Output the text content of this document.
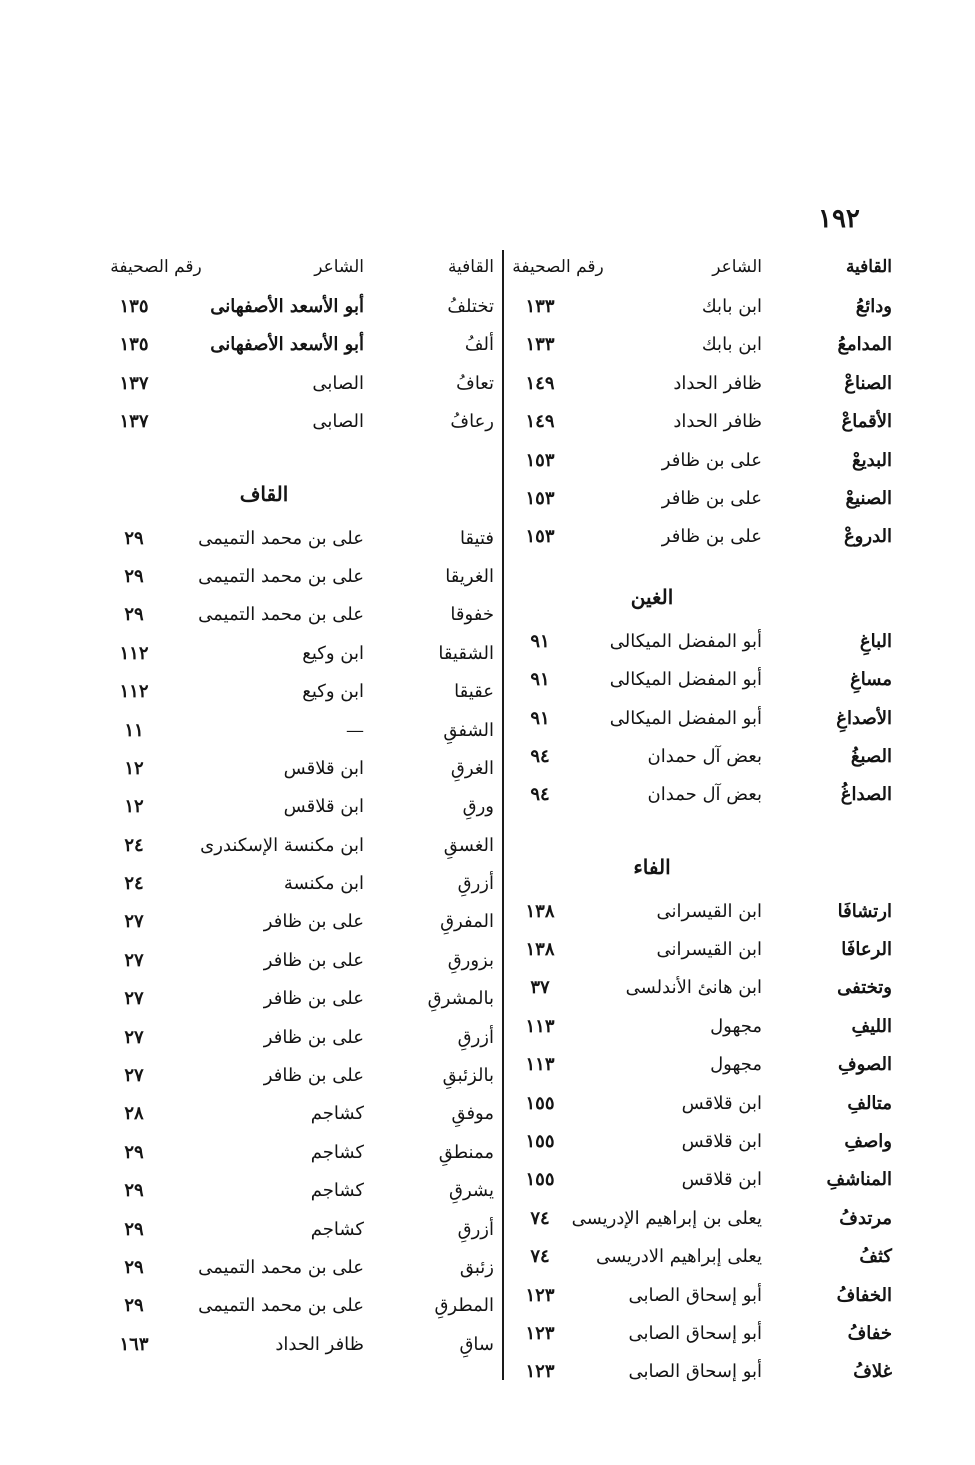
١٩٢
القافية
الشاعر
رقم الصحيفة
ودائعُ
ابن بابك
١٣٣
المدامعُ
ابن بابك
١٣٣
الصناعْ
ظافر الحداد
١٤٩
الأقماعْ
ظافر الحداد
١٤٩
البديعْ
على بن ظافر
١٥٣
الصنيعْ
على بن ظافر
١٥٣
الدروعْ
على بن ظافر
١٥٣
الغين
الباغِ
أبو المفضل الميكالى
٩١
مساغِ
أبو المفضل الميكالى
٩١
الأصداغِ
أبو المفضل الميكالى
٩١
الصبغُ
بعض آل حمدان
٩٤
الصداغُ
بعض آل حمدان
٩٤
الفاء
ارتشافَا
ابن القيسرانى
١٣٨
الرعافَا
ابن القيسرانى
١٣٨
وتختفى
ابن هانئ الأندلسى
٣٧
الليفِ
مجهول
١١٣
الصوفِ
مجهول
١١٣
متالفِ
ابن قلاقس
١٥٥
واصفِ
ابن قلاقس
١٥٥
المناشفِ
ابن قلاقس
١٥٥
مرتدفُ
يعلى بن إبراهيم الإدريسى
٧٤
كثفُ
يعلى إبراهيم الادريسى
٧٤
الخفافُ
أبو إسحاق الصابى
١٢٣
خفافُ
أبو إسحاق الصابى
١٢٣
غلافُ
أبو إسحاق الصابى
١٢٣
القافية
الشاعر
رقم الصحيفة
تختلفُ
أبو الأسعد الأصفهانى
١٣٥
ألفُ
أبو الأسعد الأصفهانى
١٣٥
تعافُ
الصابى
١٣٧
رعافُ
الصابى
١٣٧
القاف
فتيقا
على بن محمد التميمى
٢٩
الغريقا
على بن محمد التميمى
٢٩
خفوقا
على بن محمد التميمى
٢٩
الشقيقا
ابن وكيع
١١٢
عقيقا
ابن وكيع
١١٢
الشفقِ
—
١١
الغرقِ
ابن قلاقس
١٢
ورقِ
ابن قلاقس
١٢
الغسقِ
ابن مكنسة الإسكندرى
٢٤
أزرقِ
ابن مكنسة
٢٤
المفرقِ
على بن ظافر
٢٧
بزورقِ
على بن ظافر
٢٧
بالمشرقِ
على بن ظافر
٢٧
أزرقِ
على بن ظافر
٢٧
بالزئبقِ
على بن ظافر
٢٧
موفقِ
كشاجم
٢٨
ممنطقِ
كشاجم
٢٩
يشرقِ
كشاجم
٢٩
أزرقِ
كشاجم
٢٩
زئبق
على بن محمد التميمى
٢٩
المطرقِ
على بن محمد التميمى
٢٩
ساقِ
ظافر الحداد
١٦٣
